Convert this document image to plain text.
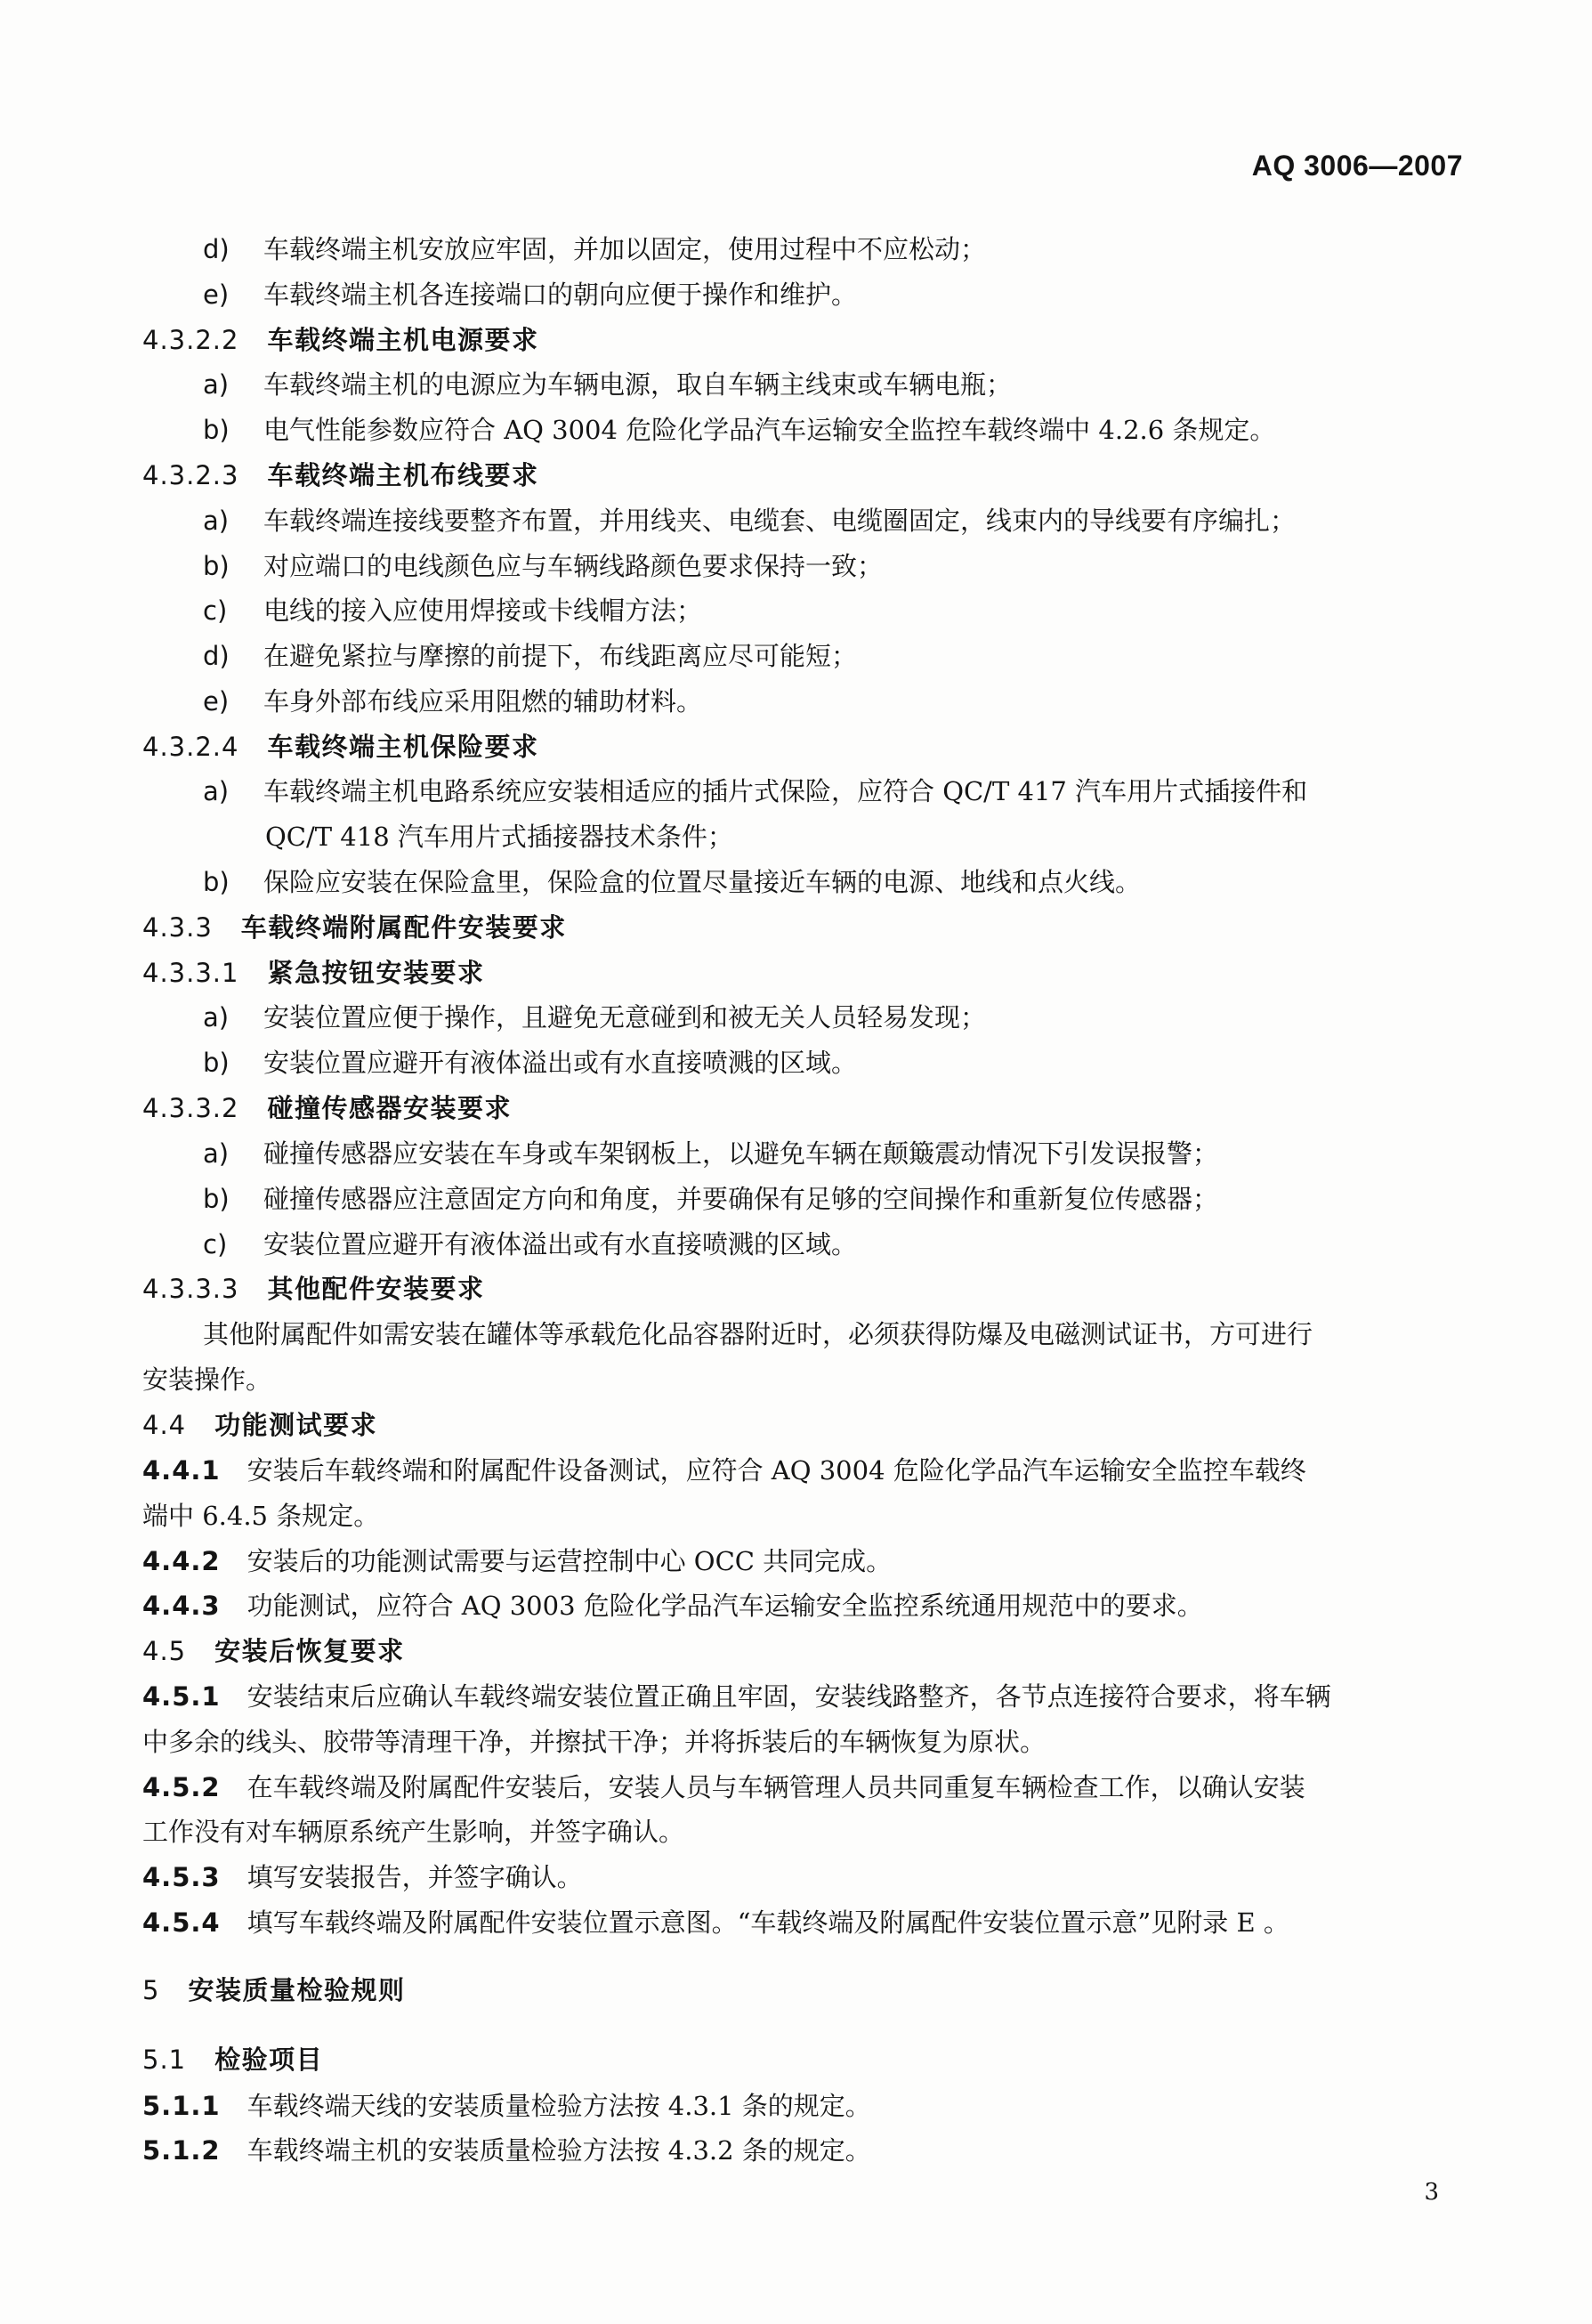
AQ 3006—2007
d) 车载终端主机安放应牢固，并加以固定，使用过程中不应松动；
e) 车载终端主机各连接端口的朝向应便于操作和维护。
4.3.2.2 车载终端主机电源要求
a) 车载终端主机的电源应为车辆电源，取自车辆主线束或车辆电瓶；
b) 电气性能参数应符合 AQ 3004 危险化学品汽车运输安全监控车载终端中 4.2.6 条规定。
4.3.2.3 车载终端主机布线要求
a) 车载终端连接线要整齐布置，并用线夹、电缆套、电缆圈固定，线束内的导线要有序编扎；
b) 对应端口的电线颜色应与车辆线路颜色要求保持一致；
c) 电线的接入应使用焊接或卡线帽方法；
d) 在避免紧拉与摩擦的前提下，布线距离应尽可能短；
e) 车身外部布线应采用阻燃的辅助材料。
4.3.2.4 车载终端主机保险要求
a) 车载终端主机电路系统应安装相适应的插片式保险，应符合 QC/T 417 汽车用片式插接件和
QC/T 418 汽车用片式插接器技术条件；
b) 保险应安装在保险盒里，保险盒的位置尽量接近车辆的电源、地线和点火线。
4.3.3 车载终端附属配件安装要求
4.3.3.1 紧急按钮安装要求
a) 安装位置应便于操作，且避免无意碰到和被无关人员轻易发现；
b) 安装位置应避开有液体溢出或有水直接喷溅的区域。
4.3.3.2 碰撞传感器安装要求
a) 碰撞传感器应安装在车身或车架钢板上，以避免车辆在颠簸震动情况下引发误报警；
b) 碰撞传感器应注意固定方向和角度，并要确保有足够的空间操作和重新复位传感器；
c) 安装位置应避开有液体溢出或有水直接喷溅的区域。
4.3.3.3 其他配件安装要求
其他附属配件如需安装在罐体等承载危化品容器附近时，必须获得防爆及电磁测试证书，方可进行
安装操作。
4.4 功能测试要求
4.4.1 安装后车载终端和附属配件设备测试，应符合 AQ 3004 危险化学品汽车运输安全监控车载终
端中 6.4.5 条规定。
4.4.2 安装后的功能测试需要与运营控制中心 OCC 共同完成。
4.4.3 功能测试，应符合 AQ 3003 危险化学品汽车运输安全监控系统通用规范中的要求。
4.5 安装后恢复要求
4.5.1 安装结束后应确认车载终端安装位置正确且牢固，安装线路整齐，各节点连接符合要求，将车辆
中多余的线头、胶带等清理干净，并擦拭干净；并将拆装后的车辆恢复为原状。
4.5.2 在车载终端及附属配件安装后，安装人员与车辆管理人员共同重复车辆检查工作，以确认安装
工作没有对车辆原系统产生影响，并签字确认。
4.5.3 填写安装报告，并签字确认。
4.5.4 填写车载终端及附属配件安装位置示意图。“车载终端及附属配件安装位置示意”见附录 E 。
5 安装质量检验规则
5.1 检验项目
5.1.1 车载终端天线的安装质量检验方法按 4.3.1 条的规定。
5.1.2 车载终端主机的安装质量检验方法按 4.3.2 条的规定。
3
